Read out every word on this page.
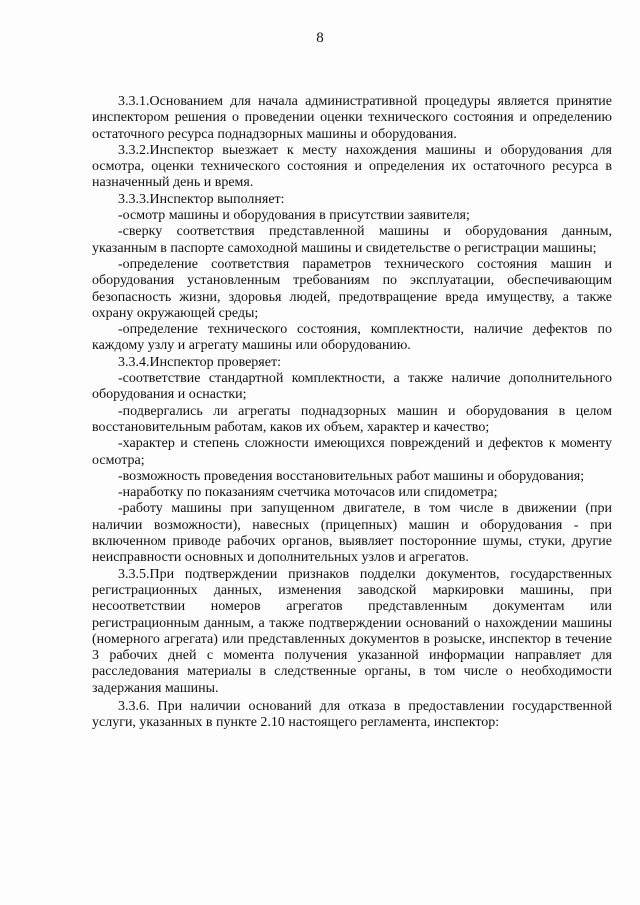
8

3.3.1.Основанием для начала административной процедуры является принятие инспектором решения о проведении оценки технического состояния и определению остаточного ресурса поднадзорных машины и оборудования.

3.3.2.Инспектор выезжает к месту нахождения машины и оборудования для осмотра, оценки технического состояния и определения их остаточного ресурса в назначенный день и время.

3.3.3.Инспектор выполняет:

-осмотр машины и оборудования в присутствии заявителя;

-сверку соответствия представленной машины и оборудования данным, указанным в паспорте самоходной машины и свидетельстве о регистрации машины;

-определение соответствия параметров технического состояния машин и оборудования установленным требованиям по эксплуатации, обеспечивающим безопасность жизни, здоровья людей, предотвращение вреда имуществу, а также охрану окружающей среды;

-определение технического состояния, комплектности, наличие дефектов по каждому узлу и агрегату машины или оборудованию.

3.3.4.Инспектор проверяет:

-соответствие стандартной комплектности, а также наличие дополнительного оборудования и оснастки;

-подвергались ли агрегаты поднадзорных машин и оборудования в целом восстановительным работам, каков их объем, характер и качество;

-характер и степень сложности имеющихся повреждений и дефектов к моменту осмотра;

-возможность проведения восстановительных работ машины и оборудования;

-наработку по показаниям счетчика моточасов или спидометра;

-работу машины при запущенном двигателе, в том числе в движении (при наличии возможности), навесных (прицепных) машин и оборудования - при включенном приводе рабочих органов, выявляет посторонние шумы, стуки, другие неисправности основных и дополнительных узлов и агрегатов.

3.3.5.При подтверждении признаков подделки документов, государственных регистрационных данных, изменения заводской маркировки машины, при несоответствии номеров агрегатов представленным документам или регистрационным данным, а также подтверждении оснований о нахождении машины (номерного агрегата) или представленных документов в розыске, инспектор в течение 3 рабочих дней с момента получения указанной информации направляет для расследования материалы в следственные органы, в том числе о необходимости задержания машины.

3.3.6. При наличии оснований для отказа в предоставлении государственной услуги, указанных в пункте 2.10 настоящего регламента, инспектор:
